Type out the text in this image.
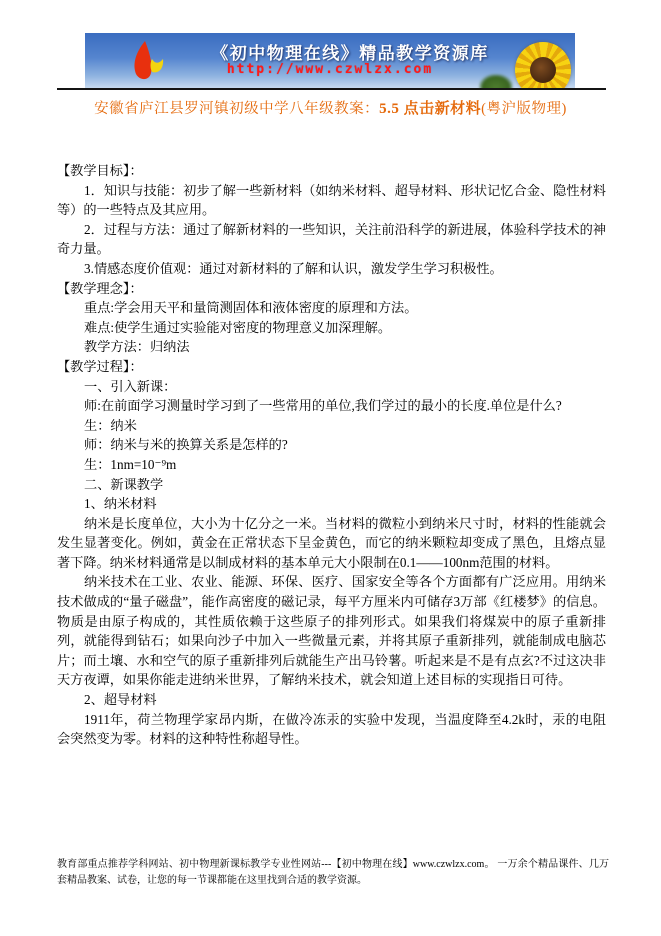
《初中物理在线》精品教学资源库
http://www.czwlzx.com
安徽省庐江县罗河镇初级中学八年级教案：5.5 点击新材料(粤沪版物理)
【教学目标】：
1．知识与技能：初步了解一些新材料（如纳米材料、超导材料、形状记忆合金、隐性材料等）的一些特点及其应用。
2．过程与方法：通过了解新材料的一些知识，关注前沿科学的新进展，体验科学技术的神奇力量。
3.情感态度价值观：通过对新材料的了解和认识，激发学生学习积极性。
【教学理念】：
重点:学会用天平和量筒测固体和液体密度的原理和方法。
难点:使学生通过实验能对密度的物理意义加深理解。
教学方法：归纳法
【教学过程】：
一、引入新课：
师:在前面学习测量时学习到了一些常用的单位,我们学过的最小的长度.单位是什么?
生：纳米
师：纳米与米的换算关系是怎样的?
生：1nm=10⁻⁹m
二、新课教学
1、纳米材料
纳米是长度单位，大小为十亿分之一米。当材料的微粒小到纳米尺寸时，材料的性能就会发生显著变化。例如，黄金在正常状态下呈金黄色，而它的纳米颗粒却变成了黑色，且熔点显著下降。纳米材料通常是以制成材料的基本单元大小限制在0.1——100nm范围的材料。
纳米技术在工业、农业、能源、环保、医疗、国家安全等各个方面都有广泛应用。用纳米技术做成的“量子磁盘”，能作高密度的磁记录，每平方厘米内可储存3万部《红楼梦》的信息。物质是由原子构成的，其性质依赖于这些原子的排列形式。如果我们将煤炭中的原子重新排列，就能得到钻石；如果向沙子中加入一些微量元素，并将其原子重新排列，就能制成电脑芯片；而土壤、水和空气的原子重新排列后就能生产出马铃薯。听起来是不是有点玄?不过这决非天方夜谭，如果你能走进纳米世界，了解纳米技术，就会知道上述目标的实现指日可待。
2、超导材料
1911年，荷兰物理学家昂内斯，在做冷冻汞的实验中发现，当温度降至4.2k时，汞的电阻会突然变为零。材料的这种特性称超导性。
教育部重点推荐学科网站、初中物理新课标教学专业性网站---【初中物理在线】www.czwlzx.com。 一万余个精品课件、几万套精品教案、试卷，让您的每一节课都能在这里找到合适的教学资源。
